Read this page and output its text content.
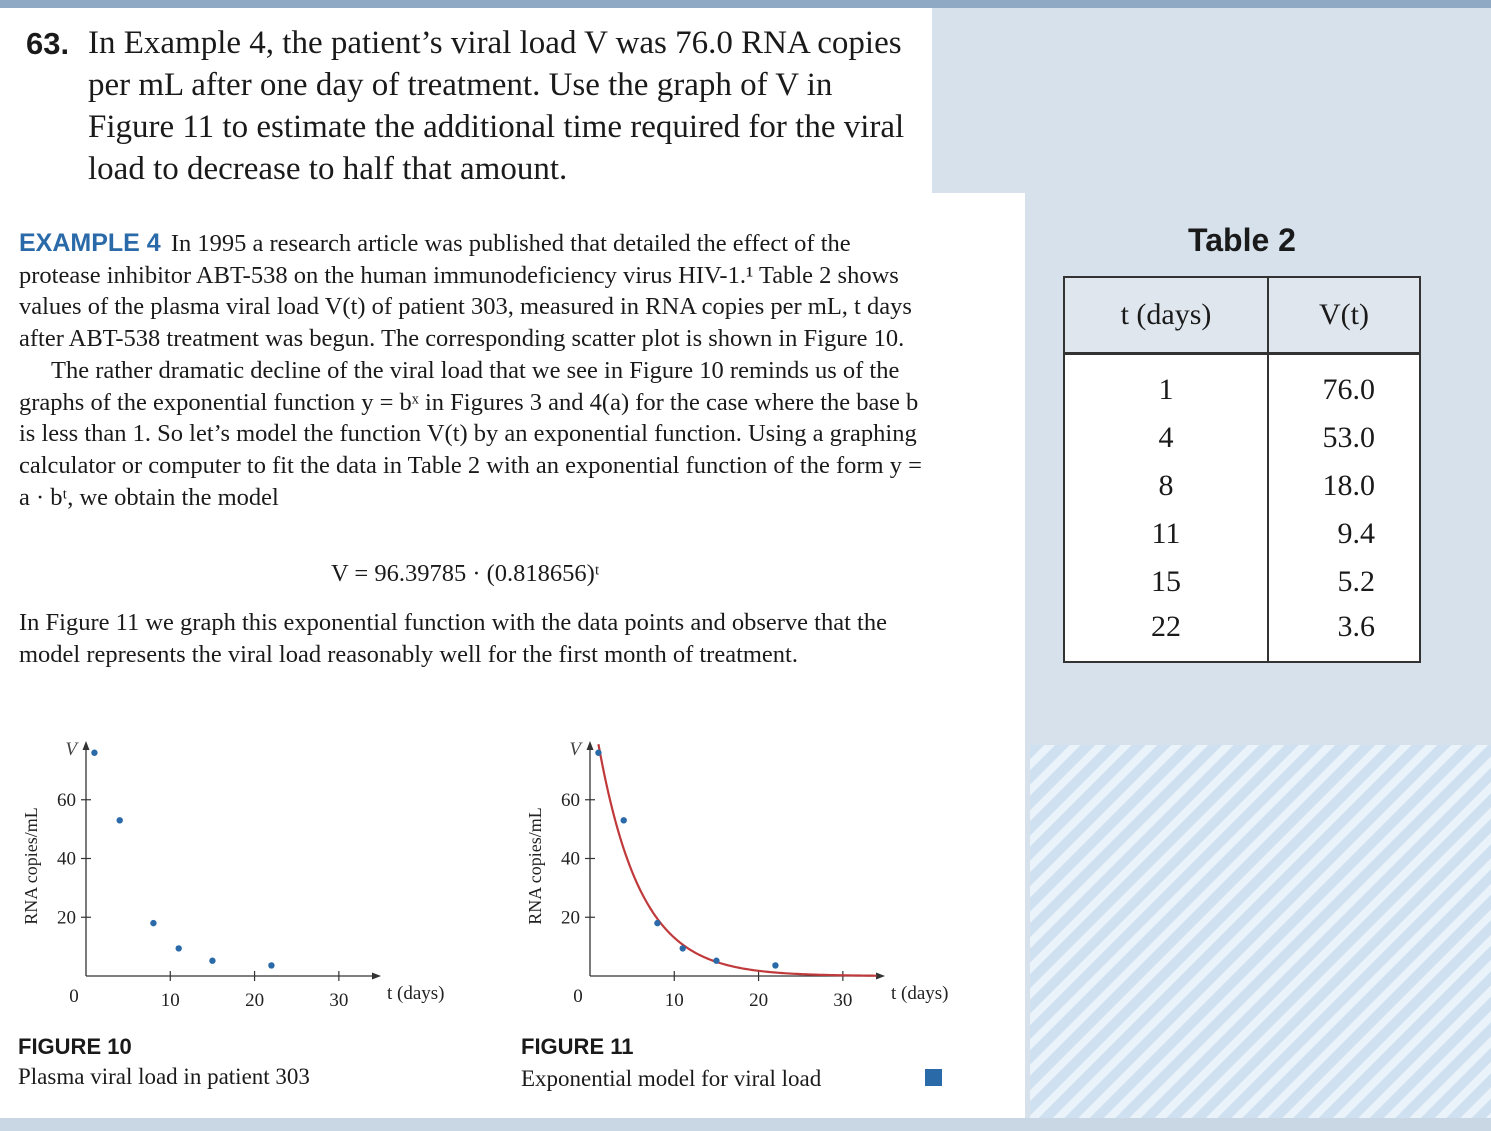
63. In Example 4, the patient’s viral load V was 76.0 RNA copies per mL after one day of treatment. Use the graph of V in Figure 11 to estimate the additional time required for the viral load to decrease to half that amount.

EXAMPLE 4 In 1995 a research article was published that detailed the effect of the protease inhibitor ABT-538 on the human immunodeficiency virus HIV-1.¹ Table 2 shows values of the plasma viral load V(t) of patient 303, measured in RNA copies per mL, t days after ABT-538 treatment was begun. The corresponding scatter plot is shown in Figure 10.

The rather dramatic decline of the viral load that we see in Figure 10 reminds us of the graphs of the exponential function y = bˣ in Figures 3 and 4(a) for the case where the base b is less than 1. So let’s model the function V(t) by an exponential function. Using a graphing calculator or computer to fit the data in Table 2 with an exponential function of the form y = a · bᵗ, we obtain the model

V = 96.39785 · (0.818656)ᵗ
In Figure 11 we graph this exponential function with the data points and observe that the model represents the viral load reasonably well for the first month of treatment.
V
10	20	30
20
40
60
0	t (days)
RNA copies/mL
FIGURE 10
Plasma viral load in patient 303
V
10	20	30
20
40
60
0	t (days)
RNA copies/mL
FIGURE 11
Exponential model for viral load
Table 2
t (days)	V(t)
1	76.0
4	53.0
8	18.0
11	9.4
15	5.2
22	3.6
